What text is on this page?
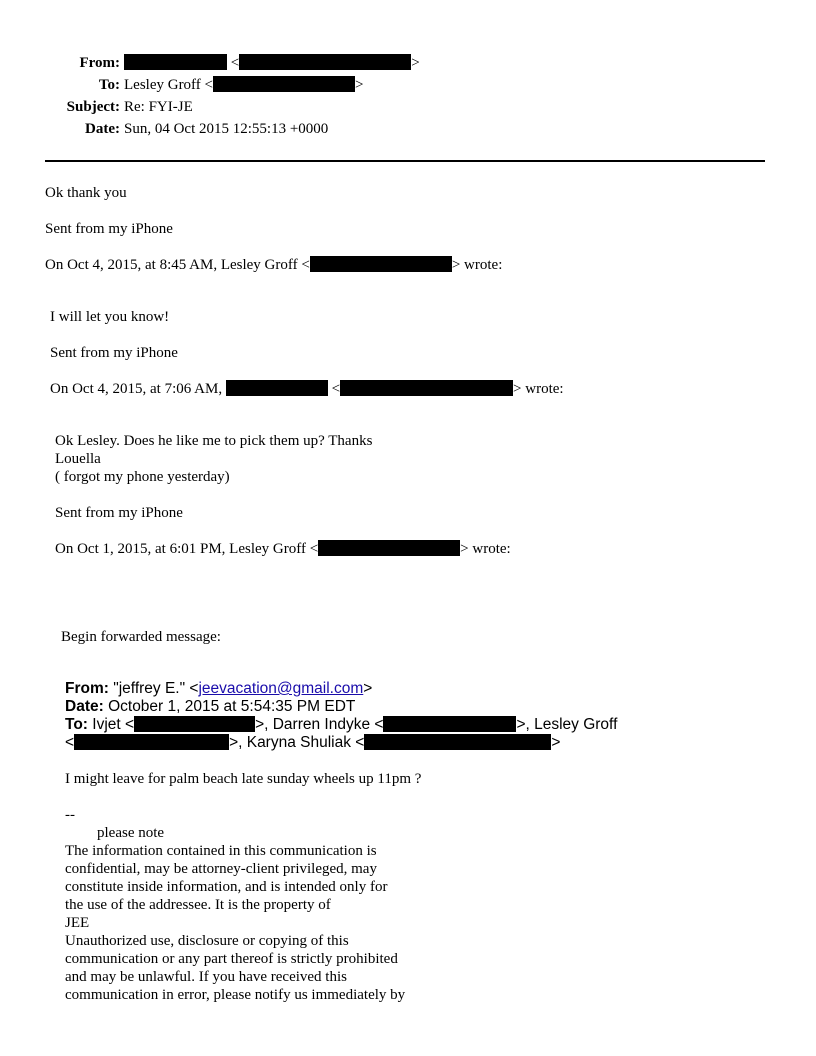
From:	<	>
To: Lesley Groff <	>
Subject: Re: FYI-JE
Date: Sun, 04 Oct 2015 12:55:13 +0000
Ok thank you
Sent from my iPhone
On Oct 4, 2015, at 8:45 AM, Lesley Groff <	> wrote:
I will let you know!
Sent from my iPhone
On Oct 4, 2015, at 7:06 AM,	<	> wrote:
Ok Lesley. Does he like me to pick them up? Thanks
Louella
( forgot my phone yesterday)
Sent from my iPhone
On Oct 1, 2015, at 6:01 PM, Lesley Groff <	> wrote:
Begin forwarded message:
From: "jeffrey E." <jeevacation@gmail.com>
Date: October 1, 2015 at 5:54:35 PM EDT
To: Ivjet <	>, Darren Indyke <	>, Lesley Groff
<	>, Karyna Shuliak <	>
I might leave for palm beach late sunday wheels up 11pm ?
--
please note
The information contained in this communication is
confidential, may be attorney-client privileged, may
constitute inside information, and is intended only for
the use of the addressee. It is the property of
JEE
Unauthorized use, disclosure or copying of this
communication or any part thereof is strictly prohibited
and may be unlawful. If you have received this
communication in error, please notify us immediately by
